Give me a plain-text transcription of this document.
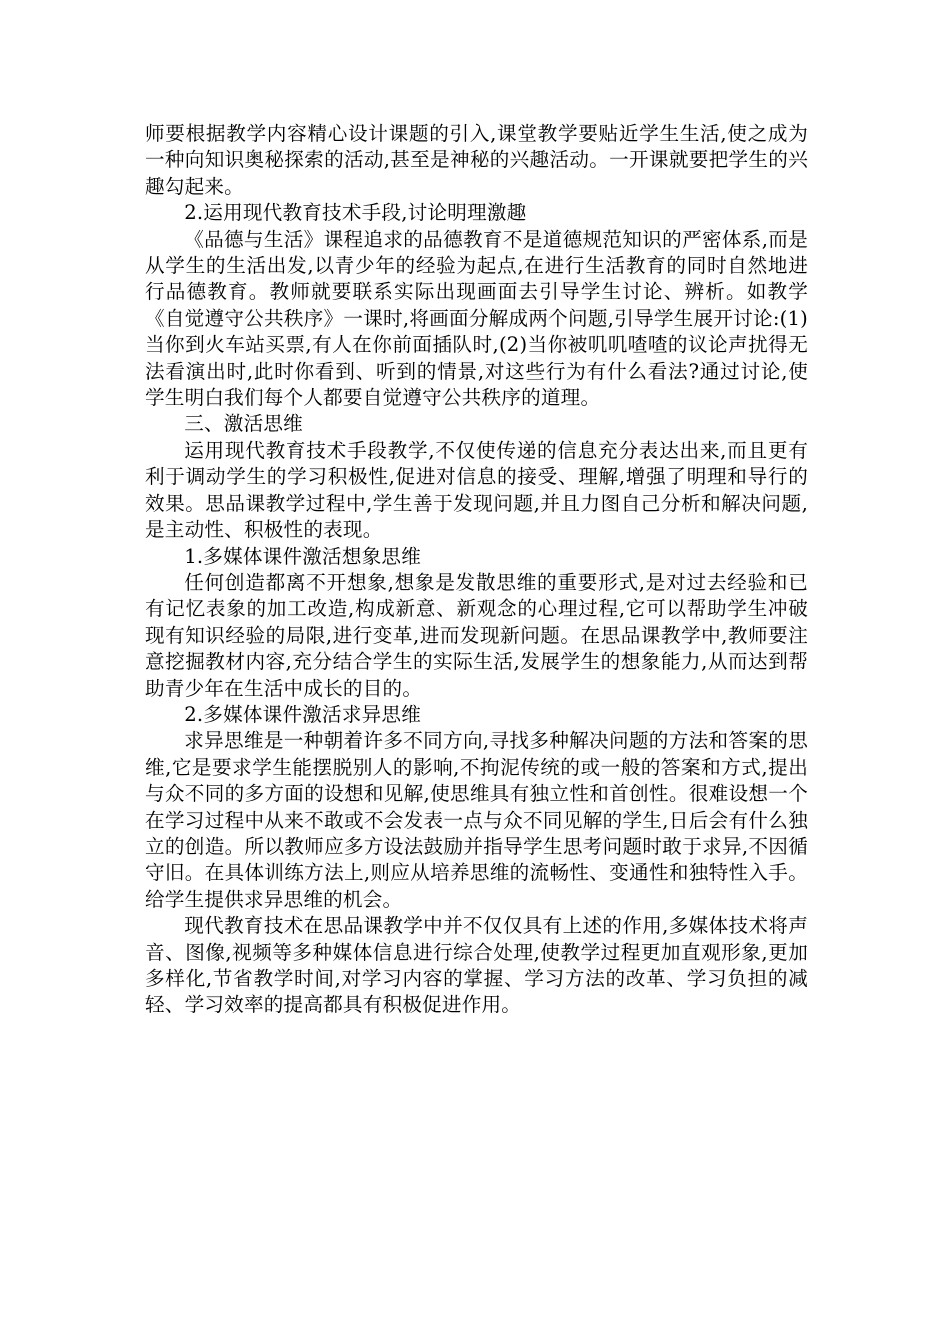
师要根据教学内容精心设计课题的引入,课堂教学要贴近学生生活,使之成为一种向知识奥秘探索的活动,甚至是神秘的兴趣活动。一开课就要把学生的兴趣勾起来。

2.运用现代教育技术手段,讨论明理激趣

《品德与生活》课程追求的品德教育不是道德规范知识的严密体系,而是从学生的生活出发,以青少年的经验为起点,在进行生活教育的同时自然地进行品德教育。教师就要联系实际出现画面去引导学生讨论、辨析。如教学《自觉遵守公共秩序》一课时,将画面分解成两个问题,引导学生展开讨论:(1)当你到火车站买票,有人在你前面插队时,(2)当你被叽叽喳喳的议论声扰得无法看演出时,此时你看到、听到的情景,对这些行为有什么看法?通过讨论,使学生明白我们每个人都要自觉遵守公共秩序的道理。

三、激活思维

运用现代教育技术手段教学,不仅使传递的信息充分表达出来,而且更有利于调动学生的学习积极性,促进对信息的接受、理解,增强了明理和导行的效果。思品课教学过程中,学生善于发现问题,并且力图自己分析和解决问题,是主动性、积极性的表现。

1.多媒体课件激活想象思维

任何创造都离不开想象,想象是发散思维的重要形式,是对过去经验和已有记忆表象的加工改造,构成新意、新观念的心理过程,它可以帮助学生冲破现有知识经验的局限,进行变革,进而发现新问题。在思品课教学中,教师要注意挖掘教材内容,充分结合学生的实际生活,发展学生的想象能力,从而达到帮助青少年在生活中成长的目的。

2.多媒体课件激活求异思维

求异思维是一种朝着许多不同方向,寻找多种解决问题的方法和答案的思维,它是要求学生能摆脱别人的影响,不拘泥传统的或一般的答案和方式,提出与众不同的多方面的设想和见解,使思维具有独立性和首创性。很难设想一个在学习过程中从来不敢或不会发表一点与众不同见解的学生,日后会有什么独立的创造。所以教师应多方设法鼓励并指导学生思考问题时敢于求异,不因循守旧。在具体训练方法上,则应从培养思维的流畅性、变通性和独特性入手。给学生提供求异思维的机会。

现代教育技术在思品课教学中并不仅仅具有上述的作用,多媒体技术将声音、图像,视频等多种媒体信息进行综合处理,使教学过程更加直观形象,更加多样化,节省教学时间,对学习内容的掌握、学习方法的改革、学习负担的减轻、学习效率的提高都具有积极促进作用。
